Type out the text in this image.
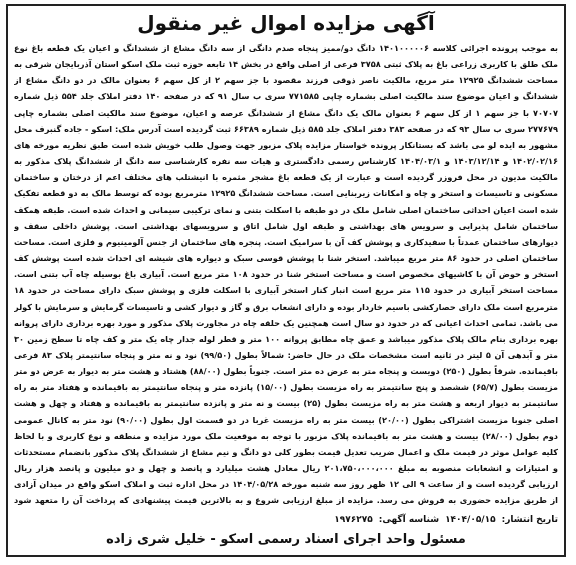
آگهی مزایده اموال غیر منقول

به موجب پرونده اجرائی کلاسه ۱۴۰۱۰۰۰۰۰۶ دانگ دو/ممیز پنجاه صدم دانگی از سه دانگ مشاع از ششدانگ و اعیان یک قطعه باغ نوع ملک طلق با کاربری زراعی باغ به پلاک ثبتی ۳۷۵۸ فرعی از اصلی واقع در بخش ۱۴ تابعه حوزه ثبت ملک اسکو استان آذربایجان شرقی به مساحت ششدانگ ۱۲۹۲۵ متر مربع، مالکیت ناصر ذوقی فرزند مقصود با جز سهم ۲ از کل سهم ۶ بعنوان مالک در دو دانگ مشاع از ششدانگ و اعیان موضوع سند مالکیت اصلی بشماره چاپی ۷۷۱۵۸۵ سری ب سال ۹۱ که در صفحه ۱۴۰ دفتر املاک جلد ۵۵۴ ذیل شماره ۷۰۷۰۷ با جز سهم ۱ از کل سهم ۶ بعنوان مالک یک دانگ مشاع از ششدانگ عرصه و اعیان، موضوع سند مالکیت اصلی بشماره چاپی ۲۷۷۶۷۹ سری ب سال ۹۳ که در صفحه ۳۸۳ دفتر املاک جلد ۵۸۵ ذیل شماره ۶۶۳۸۹ ثبت گردیده است آدرس ملک: اسکو - جاده گنبرف محل مشهور به ایده لو می باشد که بستانکار پرونده خواستار مزایده پلاک مزبور جهت وصول طلب خویش شده است طبق نظریه مورخه های ۱۴۰۲/۰۲/۱۶ و ۱۴۰۳/۱۲/۱۴ و ۱۴۰۴/۰۳/۱ کارشناس رسمی دادگستری و هیات سه نفره کارشناسی سه دانگ از ششدانگ پلاک مذکور به مالکیت مدیون در محل فروزر گردیده است و عبارت از یک قطعه باغ مشجر مثمره با انیشتلب های مختلف اعم از درختان و ساختمان مسکونی و تاسیسات و استخر و چاه و امکانات زیربنایی است. مساحت ششدانگ ۱۲۹۲۵ مترمربع بوده که توسط مالک به دو قطعه تفکیک شده است اعیان احداثی ساختمان اصلی شامل ملک در دو طبقه با اسکلت بتنی و نمای ترکیبی سیمانی و احداث شده است. طبقه همکف ساختمان شامل پذیرایی و سرویس های بهداشتی و طبقه اول شامل اتاق و سرویسهای بهداشتی است. پوشش داخلی سقف و دیوارهای ساختمان عمدتاً با سفیدکاری و پوشش کف آن با سرامیک است. پنجره های ساختمان از جنس آلومینیوم و فلزی است. مساحت ساختمان اصلی در حدود ۸۶ متر مربع میباشد. استخر شنا با پوشش قوسی سبک و دیواره های شیشه ای احداث شده است پوشش کف استخر و حوض آن با کاشیهای مخصوص است و مساحت استخر شنا در حدود ۱۰۸ متر مربع است. آبیاری باغ بوسیله چاه آب بتنی است. مساحت استخر آبیاری در حدود ۱۱۵ متر مربع است انبار کنار استخر آبیاری با اسکلت فلزی و پوشش سبک دارای مساحت در حدود ۱۸ مترمربع است ملک دارای حصارکشی باسیم خاردار بوده و دارای انشعاب برق و گاز و دیوار کشی و تاسیسات گرمایش و سرمایش با کولر می باشد. تمامی احداث اعیانی که در حدود دو سال است همچنین یک حلقه چاه در مجاورت پلاک مذکور و مورد بهره برداری دارای پروانه بهره برداری بنام مالک پلاک مذکور میباشد و عمق چاه مطابق پروانه ۱۰۰ متر و قطر لوله جدار چاه یک متر و کف چاه تا سطح زمین ۳۰ متر و آبدهی آن ۵ لیتر در ثانیه است مشخصات ملک در حال حاضر: شمالاً بطول (۹۹/۵۰) نود و نه متر و پنجاه سانتیمتر پلاک ۸۳ فرعی باقیمانده. شرقاً بطول (۲۵۰) دویست و پنجاه متر به عرض ده متر است. جنوباً بطول (۸۸/۰۰) هشتاد و هشت متر به دیوار به عرض دو متر مزیست بطول (۶۵/۷) ششصد و پنج سانتیمتر به راه مزیست بطول (۱۵/۰۰) پانزده متر و پنجاه سانتیمتر به باقیمانده و هفتاد متر به راه سانتیمتر به دیوار اربعه و هشت متر به راه مزیست بطول (۲۵) بیست و نه متر و پانزده سانتیمتر به باقیمانده و هفتاد و چهل و هشت اصلی جنوبا مزیست اشتراکی بطول (۲۰/۰۰) بیست متر به راه مزیست غربا در دو قسمت اول بطول (۹۰/۰۰) نود متر به کانال عمومی دوم بطول (۲۸/۰۰) بیست و هشت متر به باقیمانده پلاک مزبور با توجه به موقعیت ملک مورد مزایده و منطقه و نوع کاربری و با لحاظ کلیه عوامل موثر در قیمت ملک و اعمال ضریب تعدیل قیمت بطور کلی دو دانگ و نیم مشاع از ششدانگ پلاک مذکور بانضمام مستحدثات و امتیازات و انشعابات منصوبه به مبلغ ۲۰۱،۷۵۰،۰۰۰،۰۰۰ ریال معادل هشت میلیارد و پانصد و چهل و دو میلیون و پانصد هزار ریال ارزیابی گردیده است و از ساعت ۹ الی ۱۲ ظهر روز سه شنبه مورخه ۱۴۰۴/۰۵/۲۸ در محل اداره ثبت و املاک اسکو واقع در میدان آزادی از طریق مزایده حضوری به فروش می رسد. مزایده از مبلغ ارزیابی شروع و به بالاترین قیمت پیشنهادی که پرداخت آن را متعهد شود

تاریخ انتشار:۱۴۰۴/۰۵/۱۵شناسه آگهی:۱۹۷۶۲۷۵
مسئول واحد اجرای اسناد رسمی اسکو - خلیل شری زاده
